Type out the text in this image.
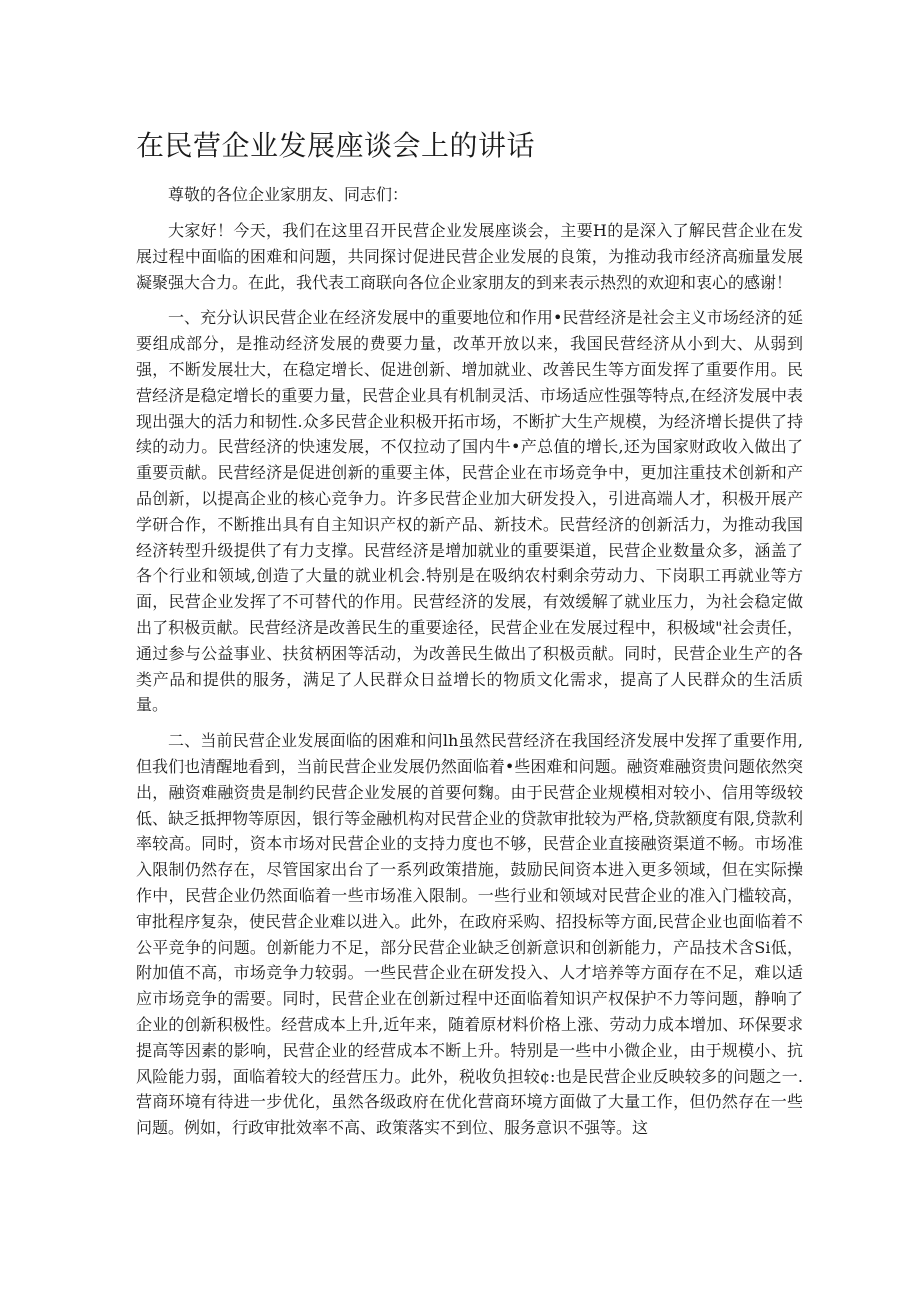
在民营企业发展座谈会上的讲话

尊敬的各位企业家朋友、同志们：

大家好！今天，我们在这里召开民营企业发展座谈会，主要H的是深入了解民营企业在发展过程中面临的困难和问题，共同探讨促进民营企业发展的良策，为推动我市经济高痂量发展凝聚强大合力。在此，我代表工商联向各位企业家朋友的到来表示热烈的欢迎和衷心的感谢！

一、充分认识民营企业在经济发展中的重要地位和作用•民营经济是社会主义市场经济的延要组成部分，是推动经济发展的费要力量，改革开放以来，我国民营经济从小到大、从弱到强，不断发展壮大，在稳定增长、促进创新、增加就业、改善民生等方面发挥了重要作用。民营经济是稳定增长的重要力量，民营企业具有机制灵活、市场适应性强等特点,在经济发展中表现出强大的活力和韧性.众多民营企业积极开拓市场，不断扩大生产规模，为经济增长提供了持续的动力。民营经济的快速发展，不仅拉动了国内牛•产总值的增长,还为国家财政收入做出了重要贡献。民营经济是促进创新的重要主体，民营企业在市场竞争中，更加注重技术创新和产品创新，以提高企业的核心竞争力。许多民营企业加大研发投入，引进高端人才，积极开展产学研合作，不断推出具有自主知识产权的新产品、新技术。民营经济的创新活力，为推动我国经济转型升级提供了有力支撑。民营经济是增加就业的重要渠道，民营企业数量众多，涵盖了各个行业和领域,创造了大量的就业机会.特别是在吸纳农村剩余劳动力、下岗职工再就业等方面，民营企业发挥了不可替代的作用。民营经济的发展，有效缓解了就业压力，为社会稳定做出了积极贡献。民营经济是改善民生的重要途径，民营企业在发展过程中，积极域"社会责任，通过参与公益事业、扶贫柄困等活动，为改善民生做出了积极贡献。同时，民营企业生产的各类产品和提供的服务，满足了人民群众日益增长的物质文化需求，提高了人民群众的生活质量。

二、当前民营企业发展面临的困难和问lh虽然民营经济在我国经济发展中发挥了重要作用,但我们也清醒地看到，当前民营企业发展仍然面临着•些困难和问题。融资难融资贵问题依然突出，融资难融资贵是制约民营企业发展的首要何麴。由于民营企业规模相对较小、信用等级较低、缺乏抵押物等原因，银行等金融机构对民营企业的贷款审批较为严格,贷款额度有限,贷款利率较高。同时，资本市场对民营企业的支持力度也不够，民营企业直接融资渠道不畅。市场准入限制仍然存在，尽管国家出台了一系列政策措施，鼓励民间资本进入更多领域，但在实际操作中，民营企业仍然面临着一些市场准入限制。一些行业和领域对民营企业的准入门槛较高，审批程序复杂，使民营企业难以进入。此外，在政府采购、招投标等方面,民营企业也面临着不公平竞争的问题。创新能力不足，部分民营企业缺乏创新意识和创新能力，产品技术含Si低，附加值不高，市场竞争力较弱。一些民营企业在研发投入、人才培养等方面存在不足，难以适应市场竞争的需要。同时，民营企业在创新过程中还面临着知识产权保护不力等问题，静响了企业的创新积极性。经营成本上升,近年来，随着原材料价格上涨、劳动力成本增加、环保要求提高等因素的影响，民营企业的经营成本不断上升。特别是一些中小微企业，由于规模小、抗风险能力弱，面临着较大的经营压力。此外，税收负担较¢:也是民营企业反映较多的问题之一.营商环境有待进一步优化，虽然各级政府在优化营商环境方面做了大量工作，但仍然存在一些问题。例如，行政审批效率不高、政策落实不到位、服务意识不强等。这
